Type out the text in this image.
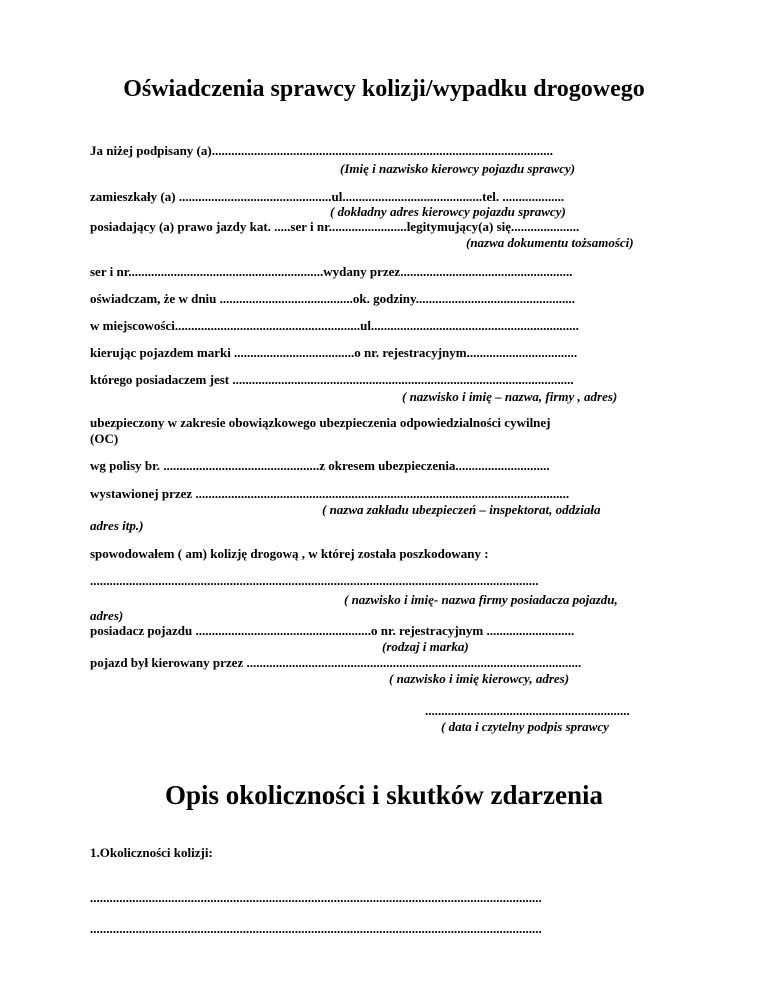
Oświadczenia sprawcy kolizji/wypadku drogowego
Ja niżej podpisany (a).........................................................................................................
(Imię i nazwisko kierowcy pojazdu sprawcy)
zamieszkały (a) ...............................................ul...........................................tel. ...................
( dokładny adres kierowcy pojazdu sprawcy)
posiadający (a) prawo jazdy kat. .....ser i nr........................legitymujący(a) się.....................
(nazwa dokumentu tożsamości)
ser i nr............................................................wydany przez.....................................................
oświadczam, że w dniu .........................................ok. godziny.................................................
w miejscowości.........................................................ul................................................................
kierując pojazdem marki .....................................o nr. rejestracyjnym..................................
którego posiadaczem jest .........................................................................................................
( nazwisko i imię – nazwa, firmy , adres)
ubezpieczony w zakresie obowiązkowego ubezpieczenia odpowiedzialności cywilnej
(OC)
wg polisy br. ................................................z okresem ubezpieczenia.............................
wystawionej przez ...................................................................................................................
( nazwa zakładu ubezpieczeń – inspektorat, oddziała
adres itp.)
spowodowałem ( am) kolizję drogową , w której została poszkodowany :
..........................................................................................................................................
( nazwisko i imię- nazwa firmy posiadacza pojazdu,
adres)
posiadacz pojazdu ......................................................o nr. rejestracyjnym ...........................
(rodzaj i marka)
pojazd był kierowany przez .......................................................................................................
( nazwisko i imię kierowcy, adres)
...............................................................
( data i czytelny podpis sprawcy
Opis okoliczności i skutków zdarzenia
1.Okoliczności kolizji:
...........................................................................................................................................
...........................................................................................................................................
